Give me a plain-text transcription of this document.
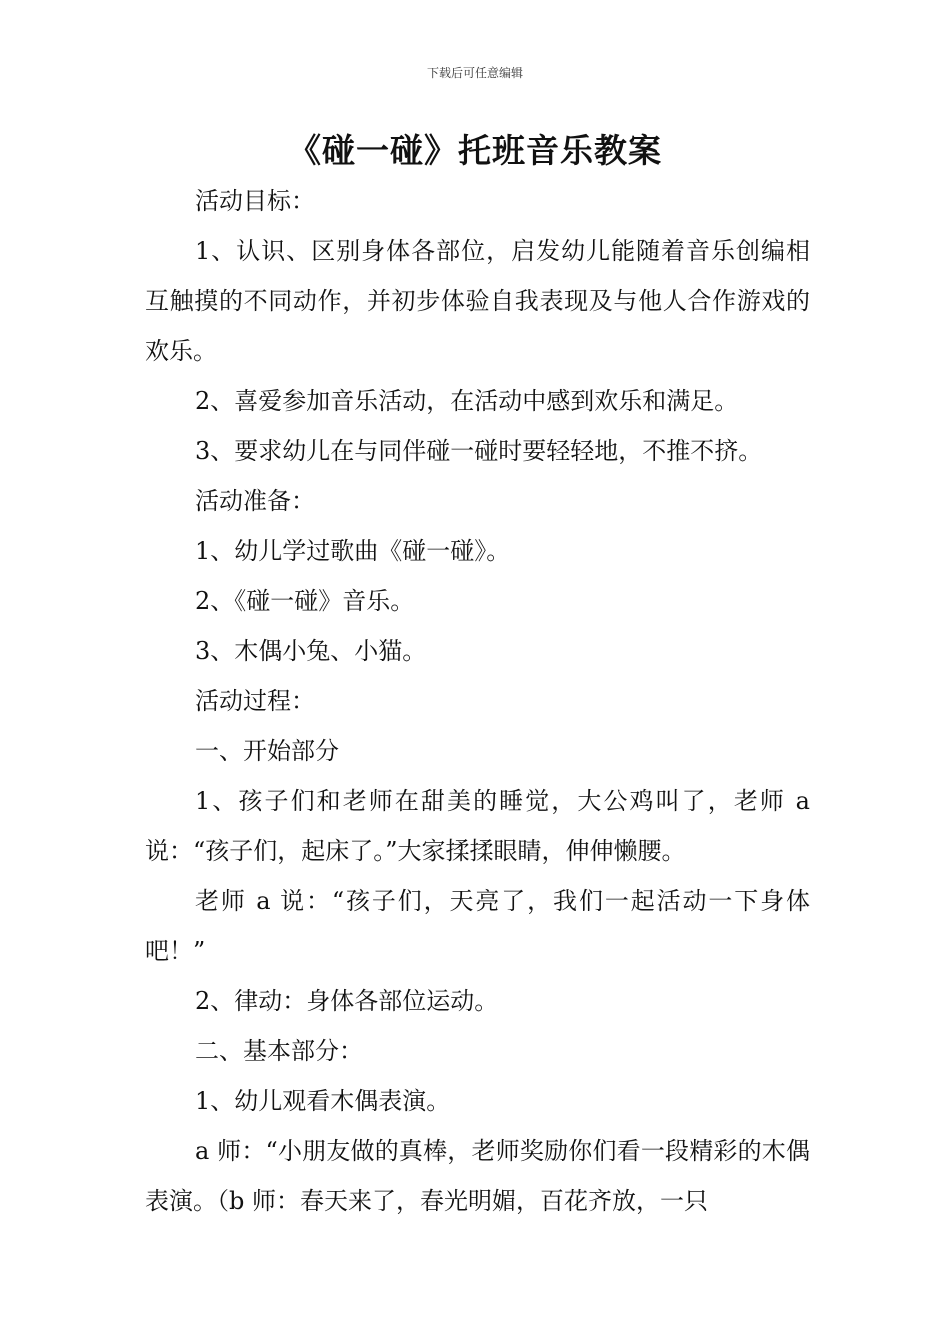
下载后可任意编辑
《碰一碰》托班音乐教案

活动目标：

1、认识、区别身体各部位，启发幼儿能随着音乐创编相互触摸的不同动作，并初步体验自我表现及与他人合作游戏的欢乐。

2、喜爱参加音乐活动，在活动中感到欢乐和满足。

3、要求幼儿在与同伴碰一碰时要轻轻地，不推不挤。

活动准备：

1、幼儿学过歌曲《碰一碰》。

2、《碰一碰》音乐。

3、木偶小兔、小猫。

活动过程：

一、开始部分

1、孩子们和老师在甜美的睡觉，大公鸡叫了，老师 a 说：“孩子们，起床了。”大家揉揉眼睛，伸伸懒腰。

老师 a 说：“孩子们，天亮了，我们一起活动一下身体吧！”

2、律动：身体各部位运动。

二、基本部分：

1、幼儿观看木偶表演。

a 师：“小朋友做的真棒，老师奖励你们看一段精彩的木偶表演。（b 师：春天来了，春光明媚，百花齐放，一只
